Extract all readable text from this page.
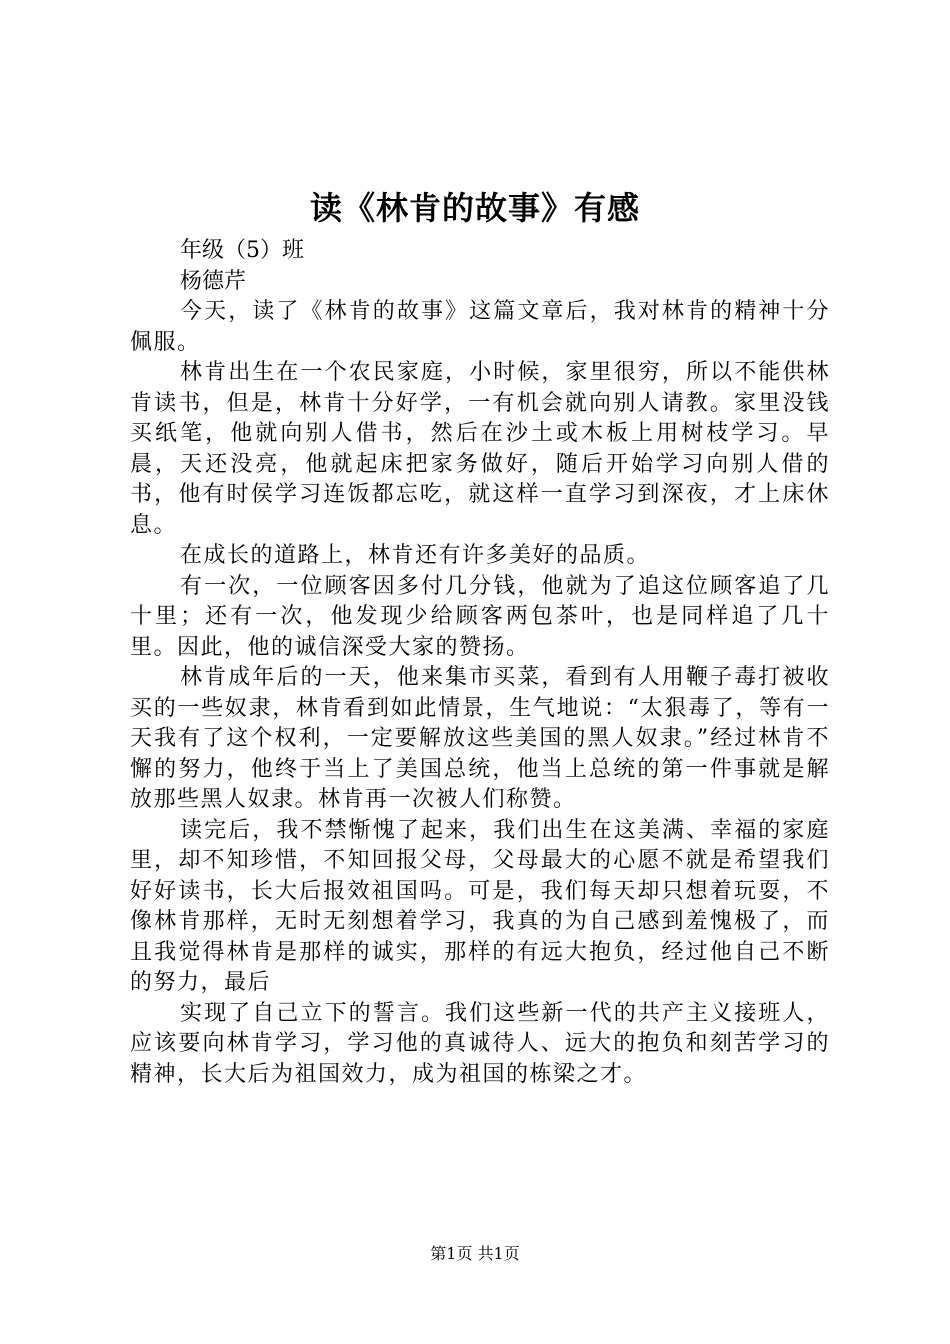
读《林肯的故事》有感

年级（5）班

杨德芹

今天，读了《林肯的故事》这篇文章后，我对林肯的精神十分佩服。

林肯出生在一个农民家庭，小时候，家里很穷，所以不能供林肯读书，但是，林肯十分好学，一有机会就向别人请教。家里没钱买纸笔，他就向别人借书，然后在沙土或木板上用树枝学习。早晨，天还没亮，他就起床把家务做好，随后开始学习向别人借的书，他有时侯学习连饭都忘吃，就这样一直学习到深夜，才上床休息。

在成长的道路上，林肯还有许多美好的品质。

有一次，一位顾客因多付几分钱，他就为了追这位顾客追了几十里；还有一次，他发现少给顾客两包茶叶，也是同样追了几十里。因此，他的诚信深受大家的赞扬。

林肯成年后的一天，他来集市买菜，看到有人用鞭子毒打被收买的一些奴隶，林肯看到如此情景，生气地说：“太狠毒了，等有一天我有了这个权利，一定要解放这些美国的黑人奴隶。”经过林肯不懈的努力，他终于当上了美国总统，他当上总统的第一件事就是解放那些黑人奴隶。林肯再一次被人们称赞。

读完后，我不禁惭愧了起来，我们出生在这美满、幸福的家庭里，却不知珍惜，不知回报父母，父母最大的心愿不就是希望我们好好读书，长大后报效祖国吗。可是，我们每天却只想着玩耍，不像林肯那样，无时无刻想着学习，我真的为自己感到羞愧极了，而且我觉得林肯是那样的诚实，那样的有远大抱负，经过他自己不断的努力，最后

实现了自己立下的誓言。我们这些新一代的共产主义接班人，应该要向林肯学习，学习他的真诚待人、远大的抱负和刻苦学习的精神，长大后为祖国效力，成为祖国的栋梁之才。

第1页 共1页
